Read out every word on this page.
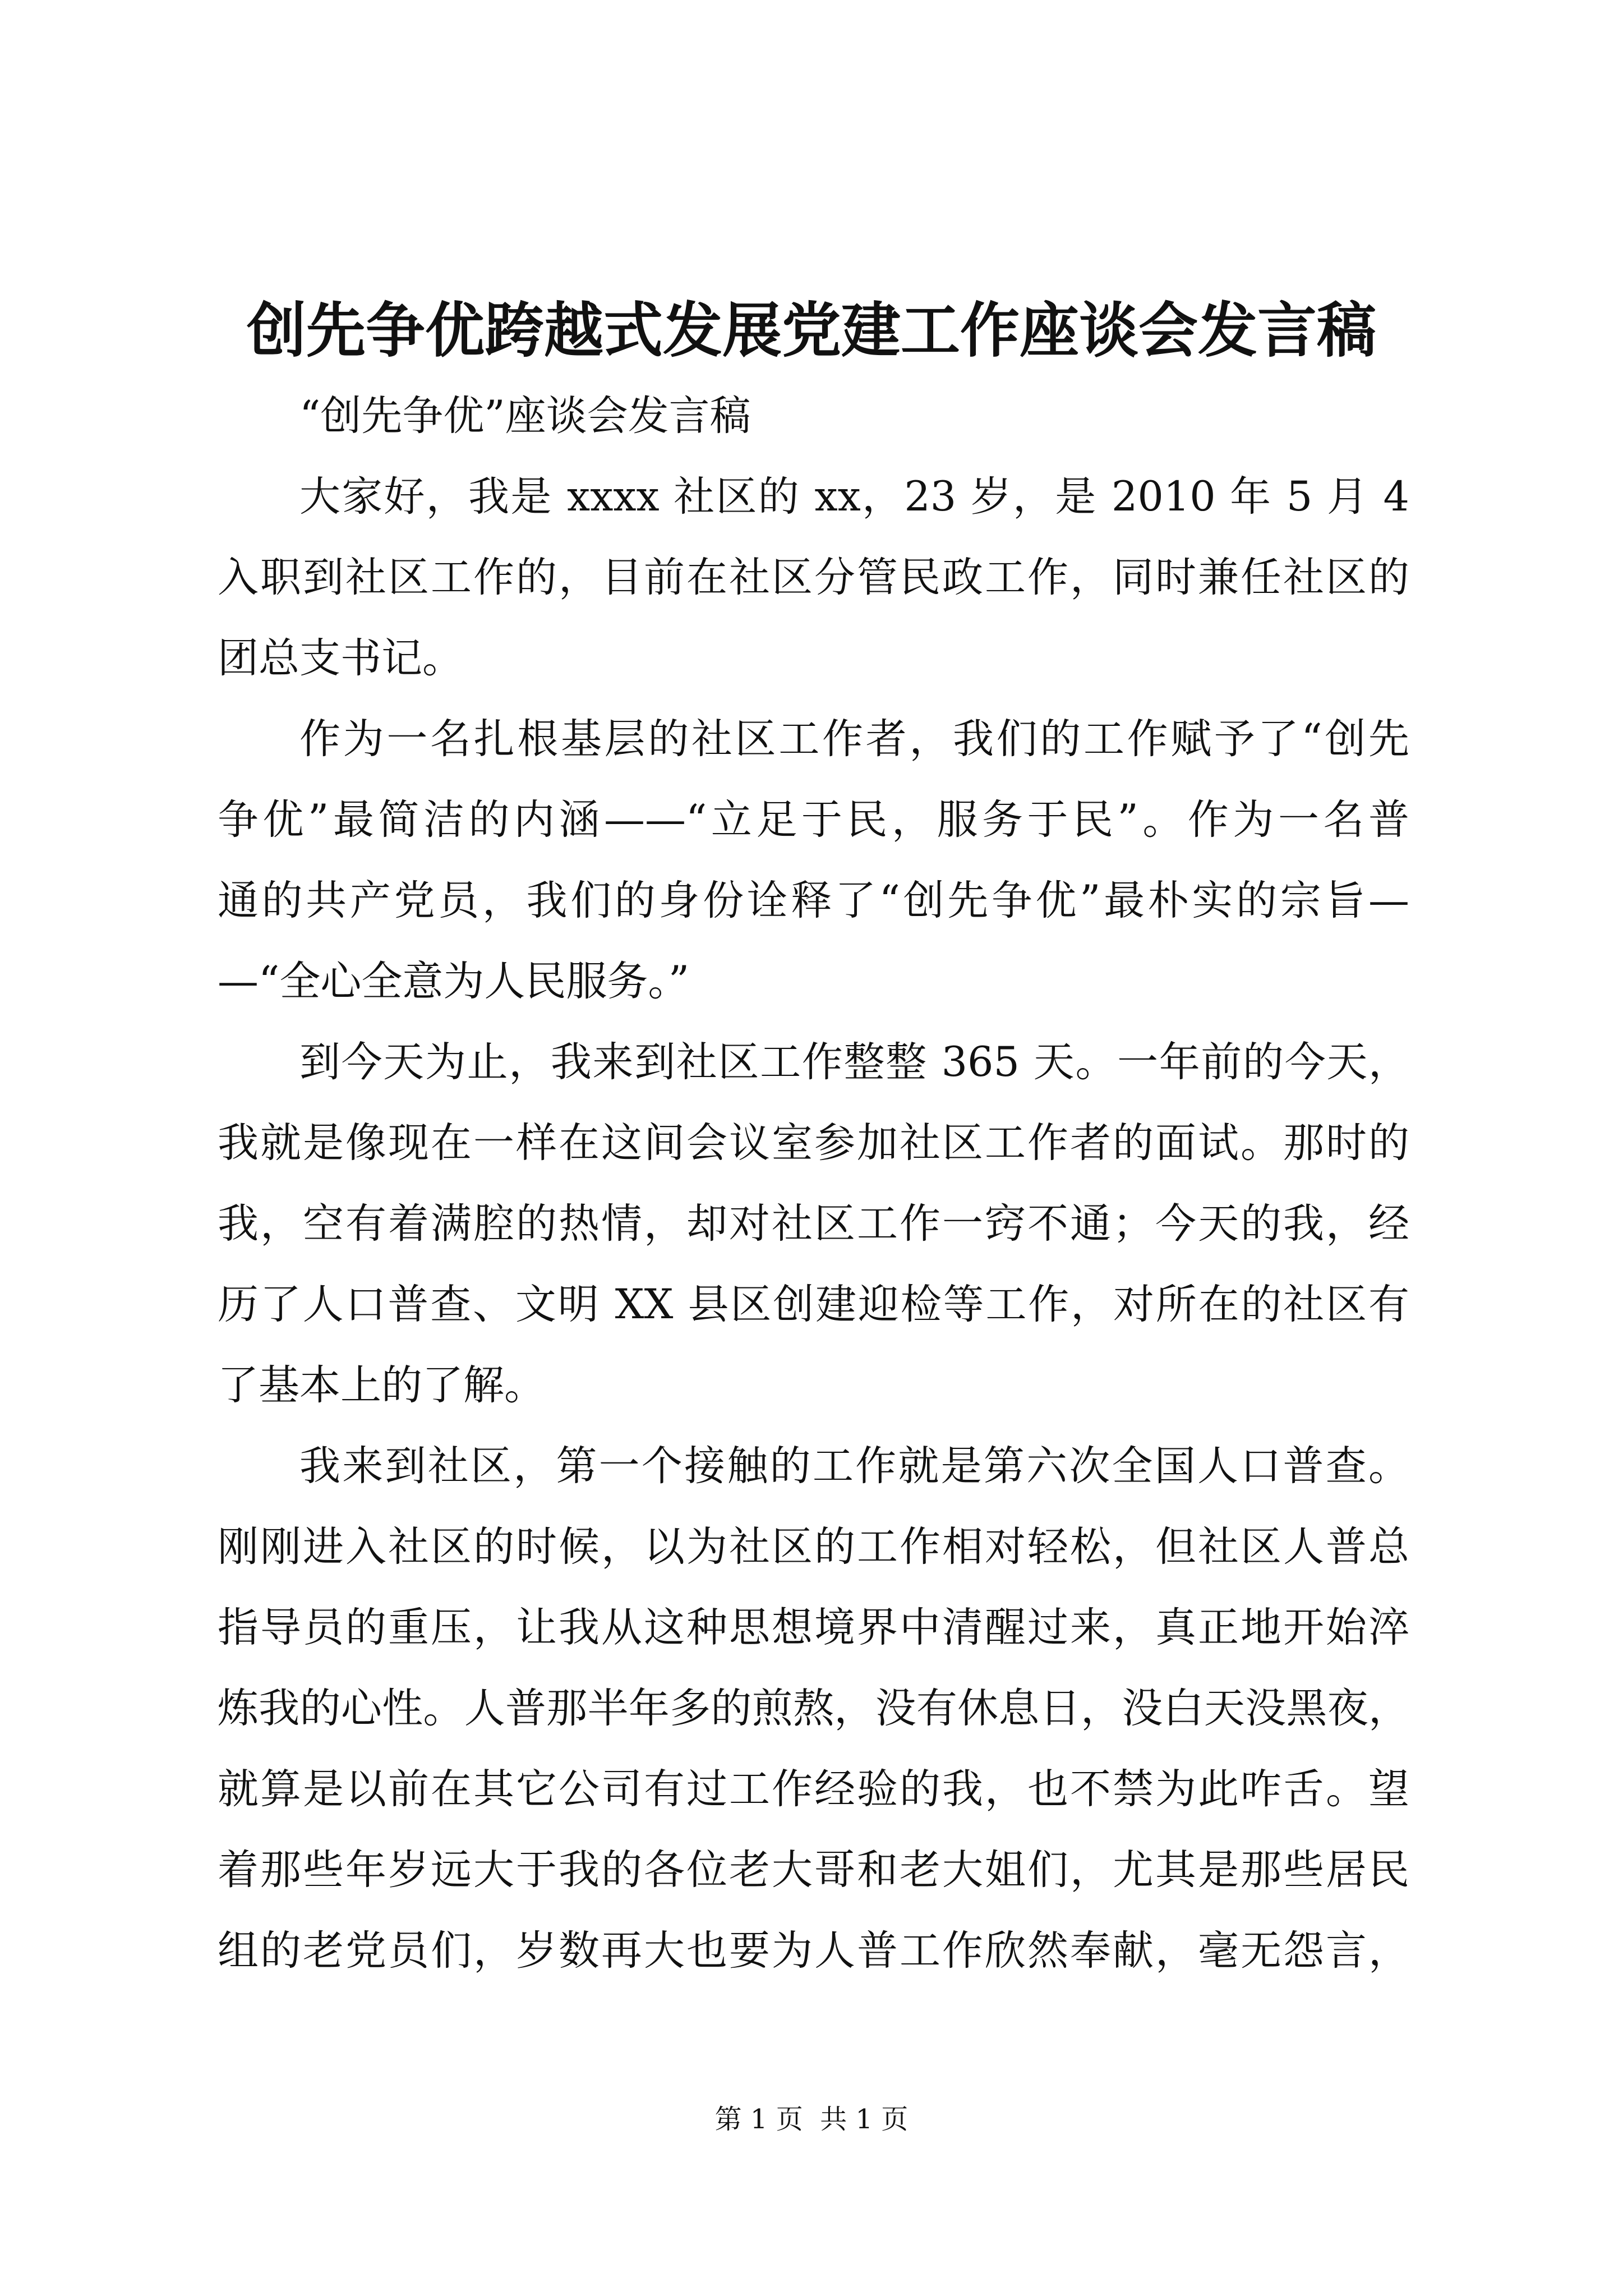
创先争优跨越式发展党建工作座谈会发言稿
“创先争优”座谈会发言稿
大家好，我是 xxxx 社区的 xx，23 岁，是 2010 年 5 月 4
入职到社区工作的，目前在社区分管民政工作，同时兼任社区的
团总支书记。
作为一名扎根基层的社区工作者，我们的工作赋予了“创先
争优”最简洁的内涵——“立足于民，服务于民”。作为一名普
通的共产党员，我们的身份诠释了“创先争优”最朴实的宗旨—
—“全心全意为人民服务。”
到今天为止，我来到社区工作整整 365 天。一年前的今天，
我就是像现在一样在这间会议室参加社区工作者的面试。那时的
我，空有着满腔的热情，却对社区工作一窍不通；今天的我，经
历了人口普查、文明 XX 县区创建迎检等工作，对所在的社区有
了基本上的了解。
我来到社区，第一个接触的工作就是第六次全国人口普查。
刚刚进入社区的时候，以为社区的工作相对轻松，但社区人普总
指导员的重压，让我从这种思想境界中清醒过来，真正地开始淬
炼我的心性。人普那半年多的煎熬，没有休息日，没白天没黑夜，
就算是以前在其它公司有过工作经验的我，也不禁为此咋舌。望
着那些年岁远大于我的各位老大哥和老大姐们，尤其是那些居民
组的老党员们，岁数再大也要为人普工作欣然奉献，毫无怨言，
第 1 页  共 1 页
